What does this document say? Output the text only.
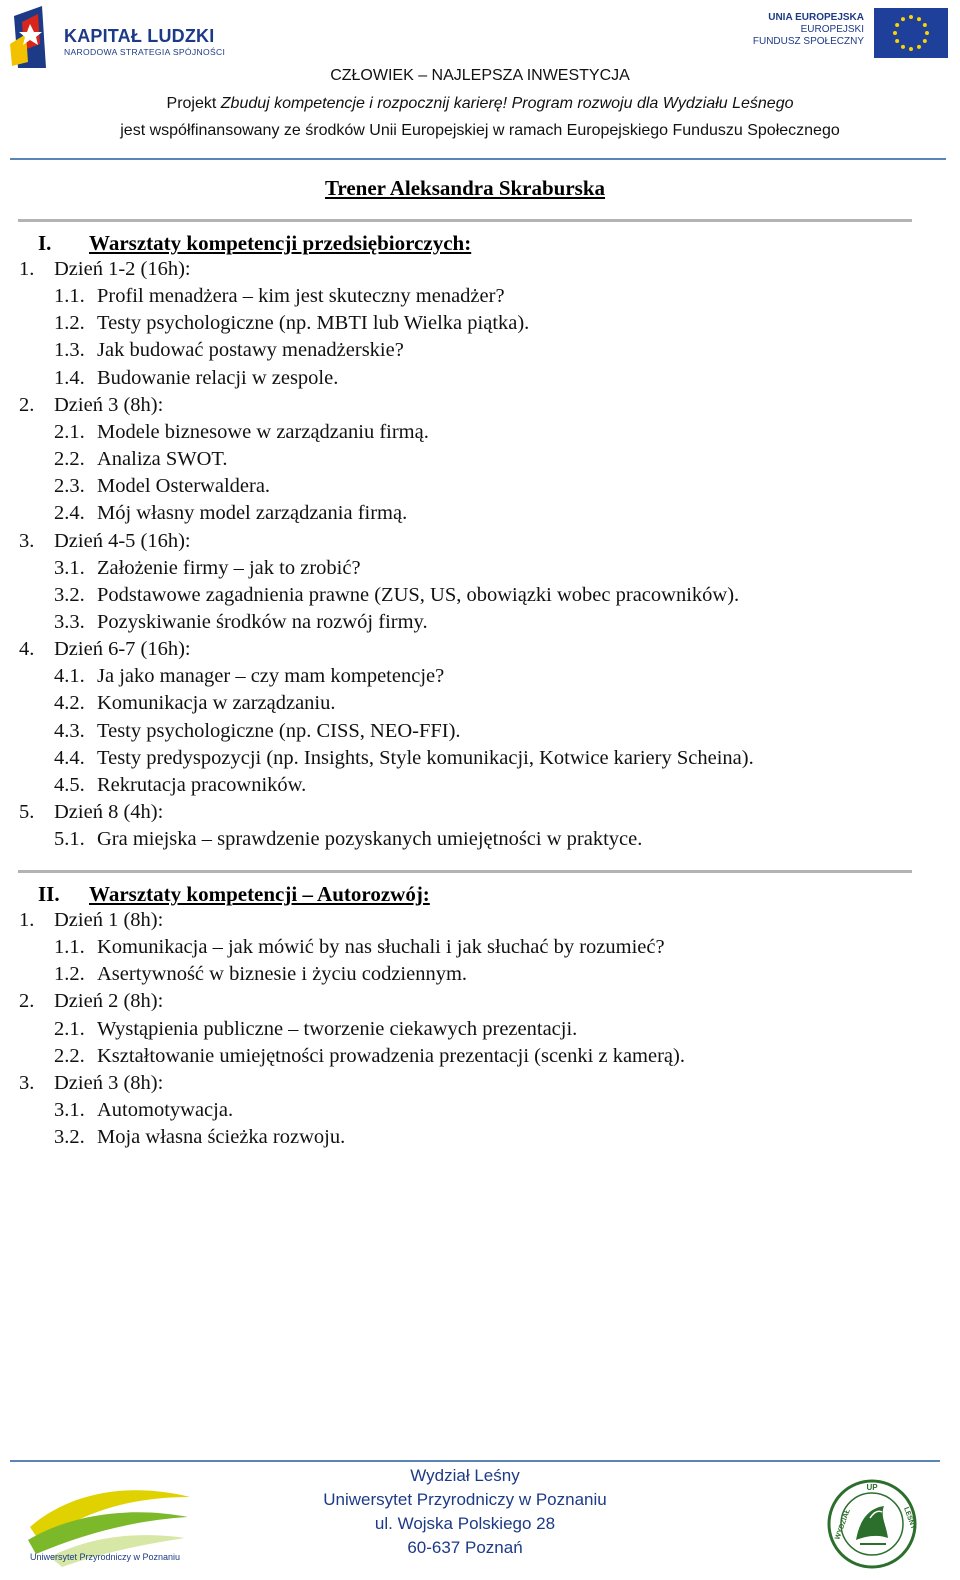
KAPITAŁ LUDZKI
NARODOWA STRATEGIA SPÓJNOŚCI
UNIA EUROPEJSKA
EUROPEJSKI
FUNDUSZ SPOŁECZNY
CZŁOWIEK – NAJLEPSZA INWESTYCJA
Projekt Zbuduj kompetencje i rozpocznij karierę! Program rozwoju dla Wydziału Leśnego
jest współfinansowany ze środków Unii Europejskiej w ramach Europejskiego Funduszu Społecznego
Trener Aleksandra Skraburska
I. Warsztaty kompetencji przedsiębiorczych:
1. Dzień 1-2 (16h):
1.1. Profil menadżera – kim jest skuteczny menadżer?
1.2. Testy psychologiczne (np. MBTI lub Wielka piątka).
1.3. Jak budować postawy menadżerskie?
1.4. Budowanie relacji w zespole.
2. Dzień 3 (8h):
2.1. Modele biznesowe w zarządzaniu firmą.
2.2. Analiza SWOT.
2.3. Model Osterwaldera.
2.4. Mój własny model zarządzania firmą.
3. Dzień 4-5 (16h):
3.1. Założenie firmy – jak to zrobić?
3.2. Podstawowe zagadnienia prawne (ZUS, US, obowiązki wobec pracowników).
3.3. Pozyskiwanie środków na rozwój firmy.
4. Dzień 6-7 (16h):
4.1. Ja jako manager – czy mam kompetencje?
4.2. Komunikacja w zarządzaniu.
4.3. Testy psychologiczne (np. CISS, NEO-FFI).
4.4. Testy predyspozycji (np. Insights, Style komunikacji, Kotwice kariery Scheina).
4.5. Rekrutacja pracowników.
5. Dzień 8 (4h):
5.1. Gra miejska – sprawdzenie pozyskanych umiejętności w praktyce.
II. Warsztaty kompetencji – Autorozwój:
1. Dzień 1 (8h):
1.1. Komunikacja – jak mówić by nas słuchali i jak słuchać by rozumieć?
1.2. Asertywność w biznesie i życiu codziennym.
2. Dzień 2 (8h):
2.1. Wystąpienia publiczne – tworzenie ciekawych prezentacji.
2.2. Kształtowanie umiejętności prowadzenia prezentacji (scenki z kamerą).
3. Dzień 3 (8h):
3.1. Automotywacja.
3.2. Moja własna ścieżka rozwoju.
Uniwersytet Przyrodniczy w Poznaniu
Wydział Leśny
Uniwersytet Przyrodniczy w Poznaniu
ul. Wojska Polskiego 28
60-637 Poznań
UP
WYDZIAŁ	LEŚNY
